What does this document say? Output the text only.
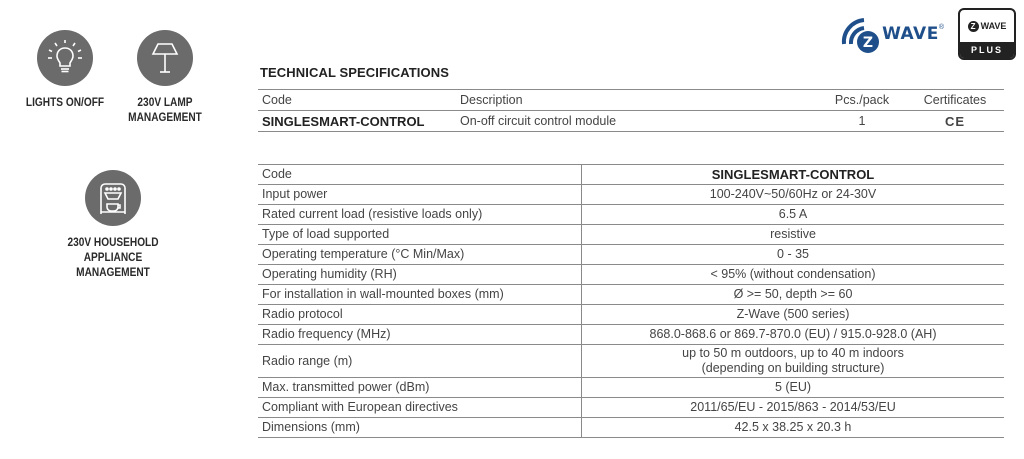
LIGHTS ON/OFF	230V LAMP
MANAGEMENT
230V HOUSEHOLD
APPLIANCE
MANAGEMENT
Z WAVE ®	Z WAVE
PLUS
TECHNICAL SPECIFICATIONS
Code	Description	Pcs./pack	Certificates
SINGLESMART-CONTROL	On-off circuit control module	1	CE
Code	SINGLESMART-CONTROL
Input power	100-240V~50/60Hz or 24-30V
Rated current load (resistive loads only)	6.5 A
Type of load supported	resistive
Operating temperature (°C Min/Max)	0 - 35
Operating humidity (RH)	< 95% (without condensation)
For installation in wall-mounted boxes (mm)	Ø >= 50, depth >= 60
Radio protocol	Z-Wave (500 series)
Radio frequency (MHz)	868.0-868.6 or 869.7-870.0 (EU) / 915.0-928.0 (AH)
Radio range (m)	up to 50 m outdoors, up to 40 m indoors
(depending on building structure)

Max. transmitted power (dBm)	5 (EU)
Compliant with European directives	2011/65/EU - 2015/863 - 2014/53/EU
Dimensions (mm)	42.5 x 38.25 x 20.3 h
